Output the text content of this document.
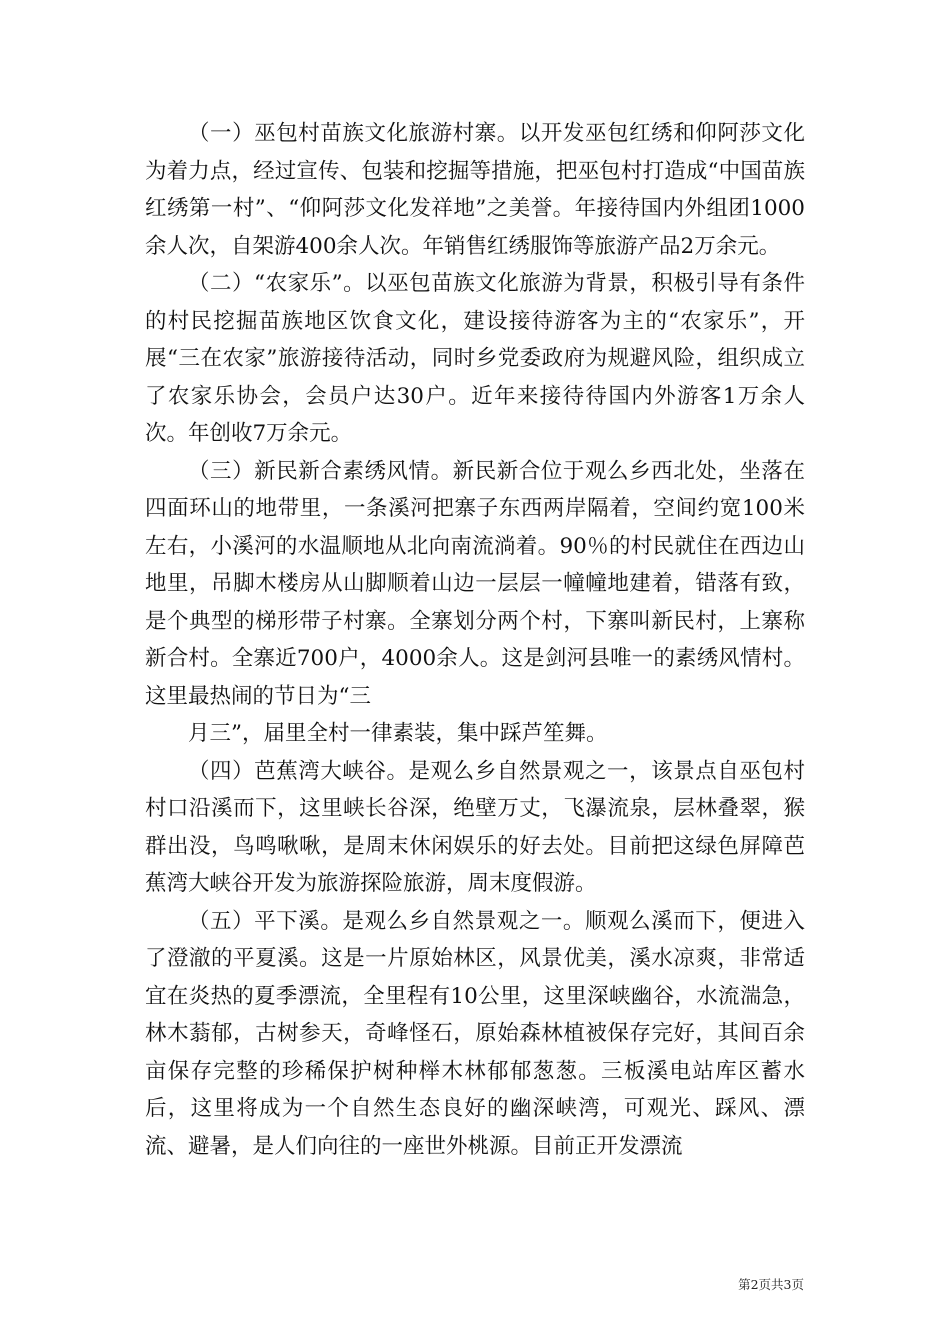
（一）巫包村苗族文化旅游村寨。以开发巫包红绣和仰阿莎文化为着力点，经过宣传、包装和挖掘等措施，把巫包村打造成“中国苗族红绣第一村”、“仰阿莎文化发祥地”之美誉。年接待国内外组团1000余人次，自架游400余人次。年销售红绣服饰等旅游产品2万余元。

（二）“农家乐”。以巫包苗族文化旅游为背景，积极引导有条件的村民挖掘苗族地区饮食文化，建设接待游客为主的“农家乐”，开展“三在农家”旅游接待活动，同时乡党委政府为规避风险，组织成立了农家乐协会，会员户达30户。近年来接待待国内外游客1万余人次。年创收7万余元。

（三）新民新合素绣风情。新民新合位于观么乡西北处，坐落在四面环山的地带里，一条溪河把寨子东西两岸隔着，空间约宽100米左右，小溪河的水温顺地从北向南流淌着。90％的村民就住在西边山地里，吊脚木楼房从山脚顺着山边一层层一幢幢地建着，错落有致，是个典型的梯形带子村寨。全寨划分两个村，下寨叫新民村，上寨称新合村。全寨近700户，4000余人。这是剑河县唯一的素绣风情村。这里最热闹的节日为“三

月三”，届里全村一律素装，集中踩芦笙舞。

（四）芭蕉湾大峡谷。是观么乡自然景观之一，该景点自巫包村村口沿溪而下，这里峡长谷深，绝壁万丈，飞瀑流泉，层林叠翠，猴群出没，鸟鸣啾啾，是周末休闲娱乐的好去处。目前把这绿色屏障芭蕉湾大峡谷开发为旅游探险旅游，周末度假游。

（五）平下溪。是观么乡自然景观之一。顺观么溪而下，便进入了澄澈的平夏溪。这是一片原始林区，风景优美，溪水凉爽，非常适宜在炎热的夏季漂流，全里程有10公里，这里深峡幽谷，水流湍急，林木蓊郁，古树参天，奇峰怪石，原始森林植被保存完好，其间百余亩保存完整的珍稀保护树种榉木林郁郁葱葱。三板溪电站库区蓄水后，这里将成为一个自然生态良好的幽深峡湾，可观光、踩风、漂流、避暑，是人们向往的一座世外桃源。目前正开发漂流

第2页共3页
